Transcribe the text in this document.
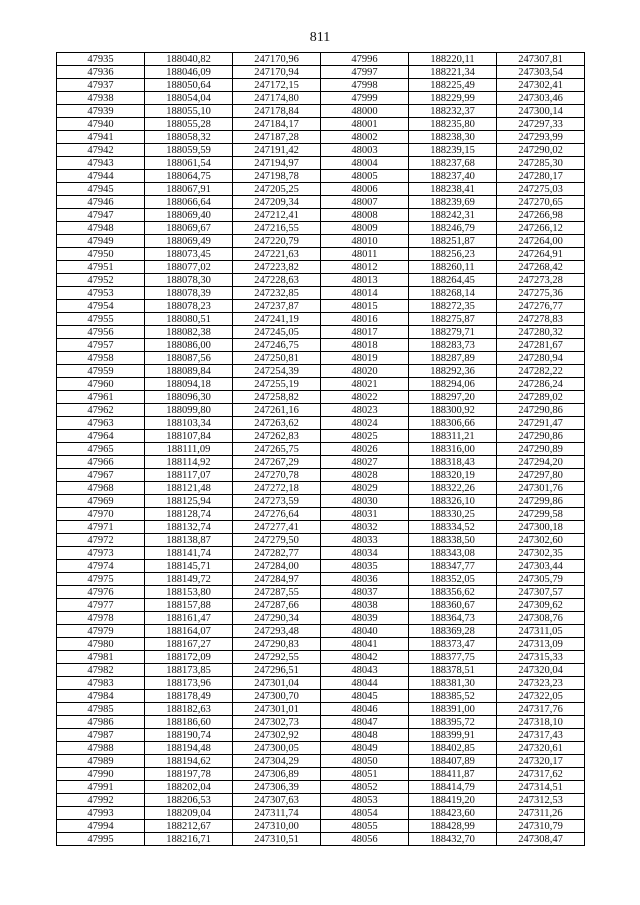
811
47935	188040,82	247170,96	47996	188220,11	247307,81
47936	188046,09	247170,94	47997	188221,34	247303,54
47937	188050,64	247172,15	47998	188225,49	247302,41
47938	188054,04	247174,80	47999	188229,99	247303,46
47939	188055,10	247178,84	48000	188232,37	247300,14
47940	188055,28	247184,17	48001	188235,80	247297,33
47941	188058,32	247187,28	48002	188238,30	247293,99
47942	188059,59	247191,42	48003	188239,15	247290,02
47943	188061,54	247194,97	48004	188237,68	247285,30
47944	188064,75	247198,78	48005	188237,40	247280,17
47945	188067,91	247205,25	48006	188238,41	247275,03
47946	188066,64	247209,34	48007	188239,69	247270,65
47947	188069,40	247212,41	48008	188242,31	247266,98
47948	188069,67	247216,55	48009	188246,79	247266,12
47949	188069,49	247220,79	48010	188251,87	247264,00
47950	188073,45	247221,63	48011	188256,23	247264,91
47951	188077,02	247223,82	48012	188260,11	247268,42
47952	188078,30	247228,63	48013	188264,45	247273,28
47953	188078,39	247232,85	48014	188268,14	247275,36
47954	188078,23	247237,87	48015	188272,35	247276,77
47955	188080,51	247241,19	48016	188275,87	247278,83
47956	188082,38	247245,05	48017	188279,71	247280,32
47957	188086,00	247246,75	48018	188283,73	247281,67
47958	188087,56	247250,81	48019	188287,89	247280,94
47959	188089,84	247254,39	48020	188292,36	247282,22
47960	188094,18	247255,19	48021	188294,06	247286,24
47961	188096,30	247258,82	48022	188297,20	247289,02
47962	188099,80	247261,16	48023	188300,92	247290,86
47963	188103,34	247263,62	48024	188306,66	247291,47
47964	188107,84	247262,83	48025	188311,21	247290,86
47965	188111,09	247265,75	48026	188316,00	247290,89
47966	188114,92	247267,29	48027	188318,43	247294,20
47967	188117,07	247270,78	48028	188320,19	247297,80
47968	188121,48	247272,18	48029	188322,26	247301,76
47969	188125,94	247273,59	48030	188326,10	247299,86
47970	188128,74	247276,64	48031	188330,25	247299,58
47971	188132,74	247277,41	48032	188334,52	247300,18
47972	188138,87	247279,50	48033	188338,50	247302,60
47973	188141,74	247282,77	48034	188343,08	247302,35
47974	188145,71	247284,00	48035	188347,77	247303,44
47975	188149,72	247284,97	48036	188352,05	247305,79
47976	188153,80	247287,55	48037	188356,62	247307,57
47977	188157,88	247287,66	48038	188360,67	247309,62
47978	188161,47	247290,34	48039	188364,73	247308,76
47979	188164,07	247293,48	48040	188369,28	247311,05
47980	188167,27	247290,83	48041	188373,47	247313,09
47981	188172,09	247292,55	48042	188377,75	247315,33
47982	188173,85	247296,51	48043	188378,51	247320,04
47983	188173,96	247301,04	48044	188381,30	247323,23
47984	188178,49	247300,70	48045	188385,52	247322,05
47985	188182,63	247301,01	48046	188391,00	247317,76
47986	188186,60	247302,73	48047	188395,72	247318,10
47987	188190,74	247302,92	48048	188399,91	247317,43
47988	188194,48	247300,05	48049	188402,85	247320,61
47989	188194,62	247304,29	48050	188407,89	247320,17
47990	188197,78	247306,89	48051	188411,87	247317,62
47991	188202,04	247306,39	48052	188414,79	247314,51
47992	188206,53	247307,63	48053	188419,20	247312,53
47993	188209,04	247311,74	48054	188423,60	247311,26
47994	188212,67	247310,00	48055	188428,99	247310,79
47995	188216,71	247310,51	48056	188432,70	247308,47
